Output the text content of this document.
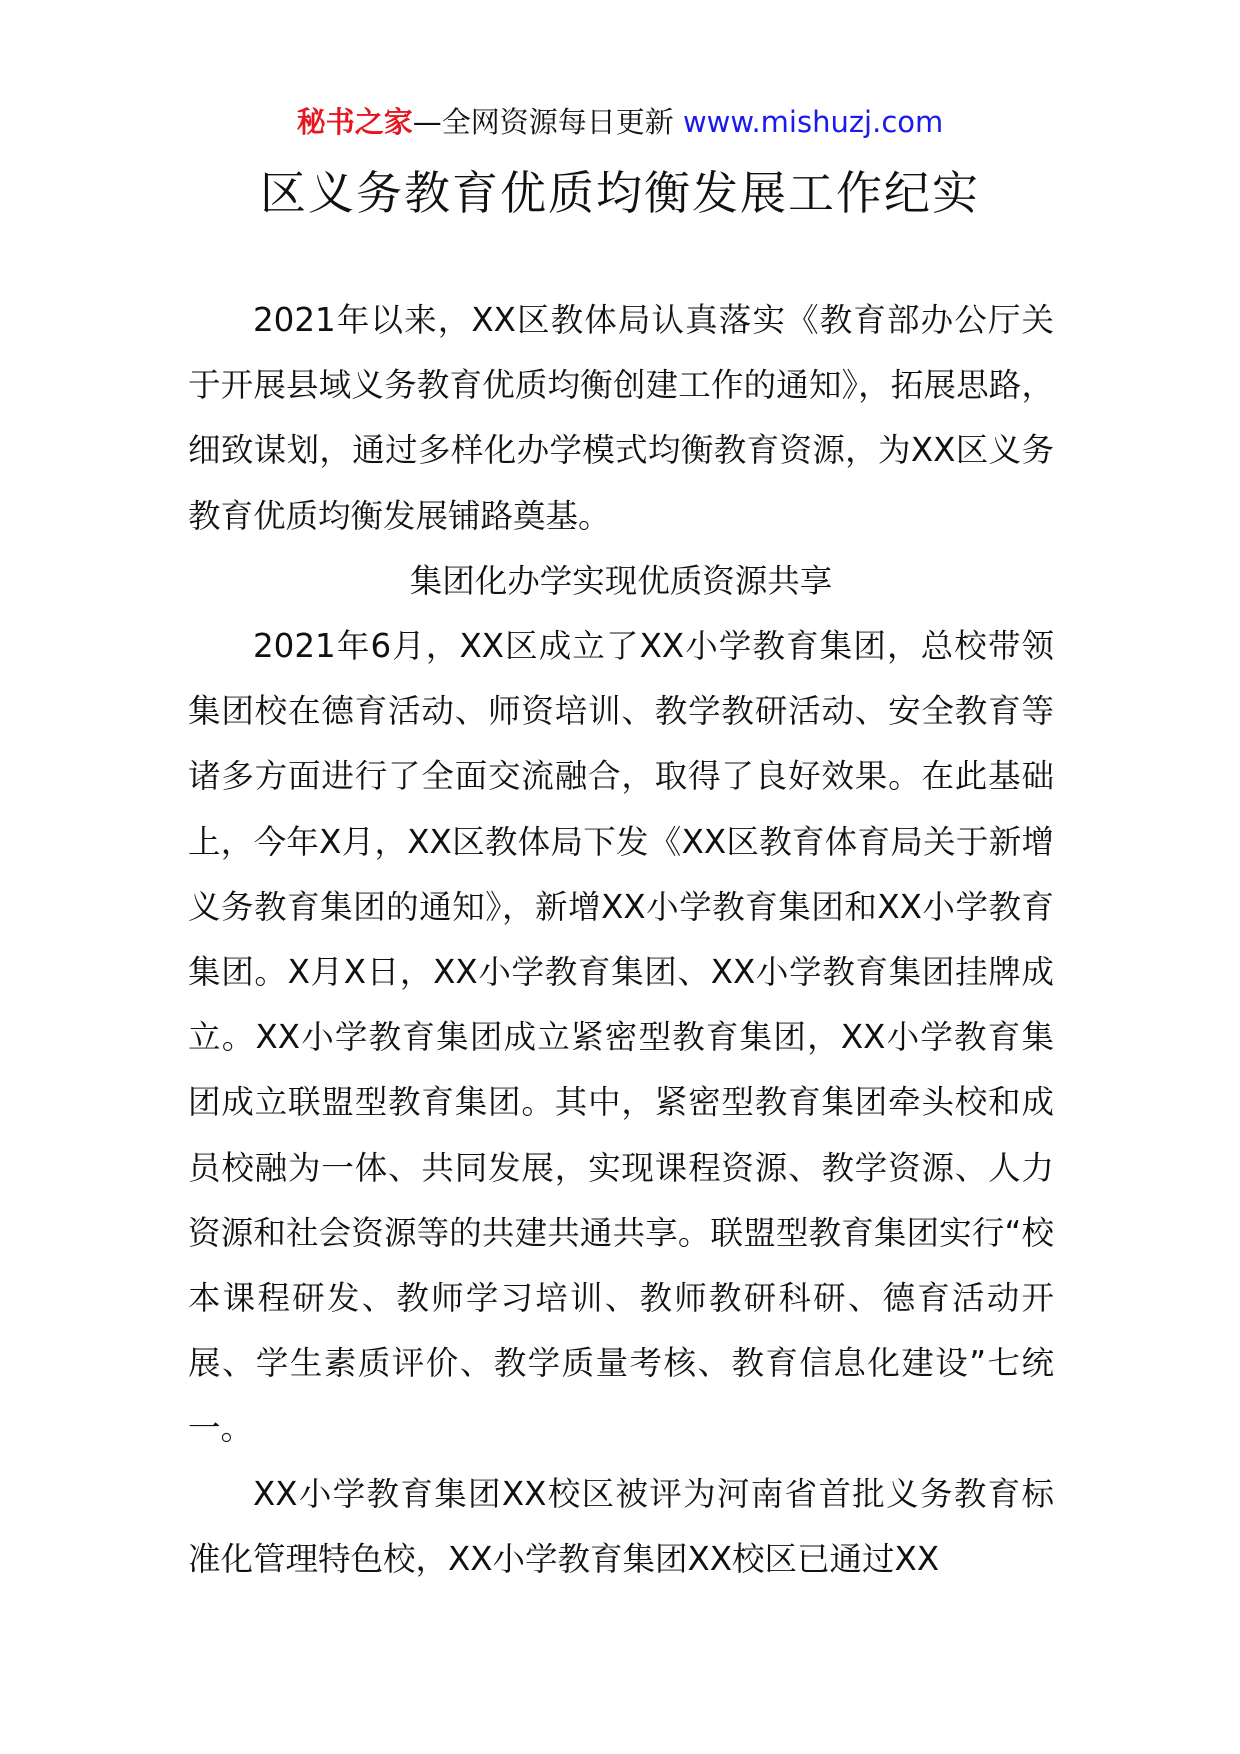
秘书之家—全网资源每日更新 www.mishuzj.com
区义务教育优质均衡发展工作纪实

2021年以来，XX区教体局认真落实《教育部办公厅关于开展县域义务教育优质均衡创建工作的通知》，拓展思路，细致谋划，通过多样化办学模式均衡教育资源，为XX区义务教育优质均衡发展铺路奠基。

集团化办学实现优质资源共享

2021年6月，XX区成立了XX小学教育集团，总校带领集团校在德育活动、师资培训、教学教研活动、安全教育等诸多方面进行了全面交流融合，取得了良好效果。在此基础上，今年X月，XX区教体局下发《XX区教育体育局关于新增义务教育集团的通知》，新增XX小学教育集团和XX小学教育集团。X月X日，XX小学教育集团、XX小学教育集团挂牌成立。XX小学教育集团成立紧密型教育集团，XX小学教育集团成立联盟型教育集团。其中，紧密型教育集团牵头校和成员校融为一体、共同发展，实现课程资源、教学资源、人力资源和社会资源等的共建共通共享。联盟型教育集团实行“校本课程研发、教师学习培训、教师教研科研、德育活动开展、学生素质评价、教学质量考核、教育信息化建设”七统一。

XX小学教育集团XX校区被评为河南省首批义务教育标准化管理特色校，XX小学教育集团XX校区已通过XX
